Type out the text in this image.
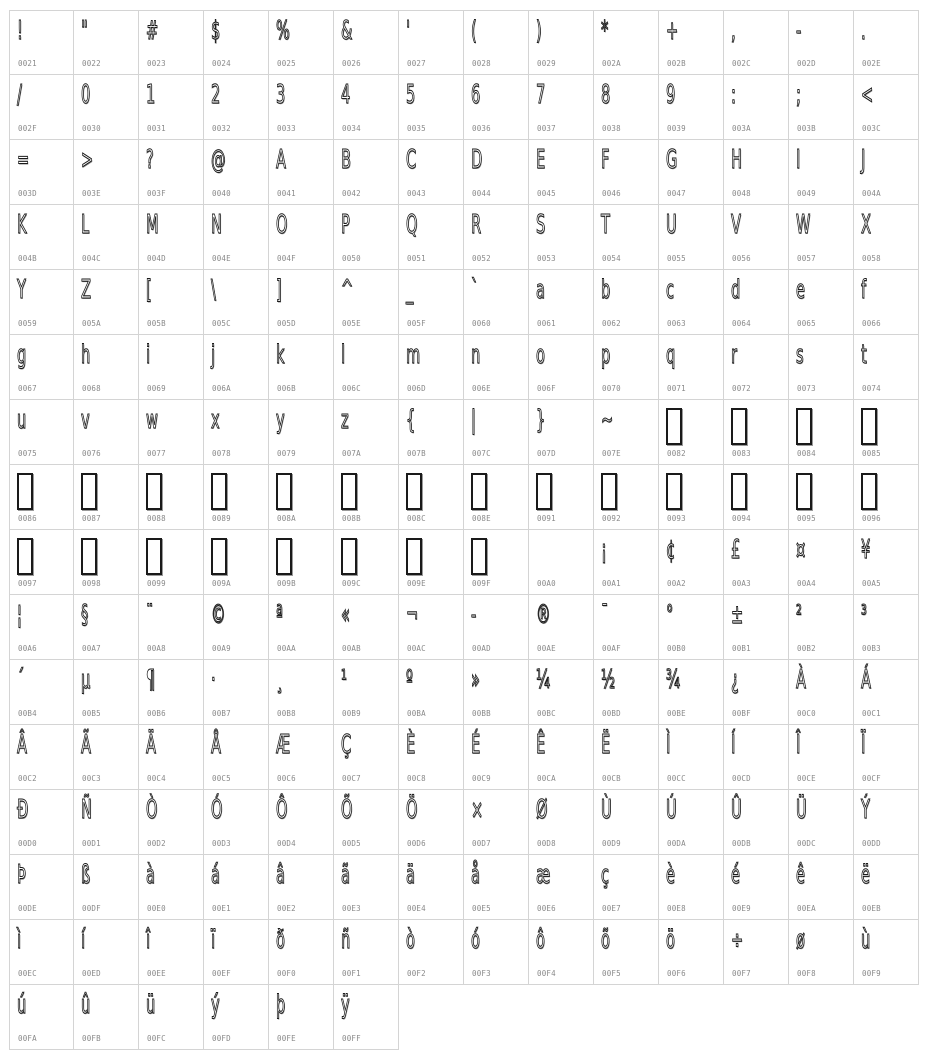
!
0021
"
0022
#
0023
$
0024
%
0025
&
0026
'
0027
(
0028
)
0029
*
002A
+
002B
,
002C
-
002D
.
002E
/
002F
0
0030
1
0031
2
0032
3
0033
4
0034
5
0035
6
0036
7
0037
8
0038
9
0039
:
003A
;
003B
<
003C
=
003D
>
003E
?
003F
@
0040
A
0041
B
0042
C
0043
D
0044
E
0045
F
0046
G
0047
H
0048
I
0049
J
004A
K
004B
L
004C
M
004D
N
004E
O
004F
P
0050
Q
0051
R
0052
S
0053
T
0054
U
0055
V
0056
W
0057
X
0058
Y
0059
Z
005A
[
005B
\
005C
]
005D
^
005E
_
005F
`
0060
a
0061
b
0062
c
0063
d
0064
e
0065
f
0066
g
0067
h
0068
i
0069
j
006A
k
006B
l
006C
m
006D
n
006E
o
006F
p
0070
q
0071
r
0072
s
0073
t
0074
u
0075
v
0076
w
0077
x
0078
y
0079
z
007A
{
007B
|
007C
}
007D
~
007E	0082	0083	0084	0085
0086	0087	0088	0089	008A	008B	008C	008E	0091	0092	0093	0094	0095	0096
0097	0098	0099	009A	009B	009C	009E	009F	00A0
¡
00A1
¢
00A2
£
00A3
¤
00A4
¥
00A5
¦
00A6
§
00A7
¨
00A8
©
00A9
ª
00AA
«
00AB
¬
00AC
-
00AD
®
00AE
¯
00AF
°
00B0
±
00B1
²
00B2
³
00B3
´
00B4
µ
00B5
¶
00B6
·
00B7
¸
00B8
¹
00B9
º
00BA
»
00BB
¼
00BC
½
00BD
¾
00BE
¿
00BF
À
00C0
Á
00C1
Â
00C2
Ã
00C3
Ä
00C4
Å
00C5
Æ
00C6
Ç
00C7
È
00C8
É
00C9
Ê
00CA
Ë
00CB
Ì
00CC
Í
00CD
Î
00CE
Ï
00CF
Ð
00D0
Ñ
00D1
Ò
00D2
Ó
00D3
Ô
00D4
Õ
00D5
Ö
00D6
×
00D7
Ø
00D8
Ù
00D9
Ú
00DA
Û
00DB
Ü
00DC
Ý
00DD
Þ
00DE
ß
00DF
à
00E0
á
00E1
â
00E2
ã
00E3
ä
00E4
å
00E5
æ
00E6
ç
00E7
è
00E8
é
00E9
ê
00EA
ë
00EB
ì
00EC
í
00ED
î
00EE
ï
00EF
ð
00F0
ñ
00F1
ò
00F2
ó
00F3
ô
00F4
õ
00F5
ö
00F6
÷
00F7
ø
00F8
ù
00F9
ú
00FA
û
00FB
ü
00FC
ý
00FD
þ
00FE
ÿ
00FF
